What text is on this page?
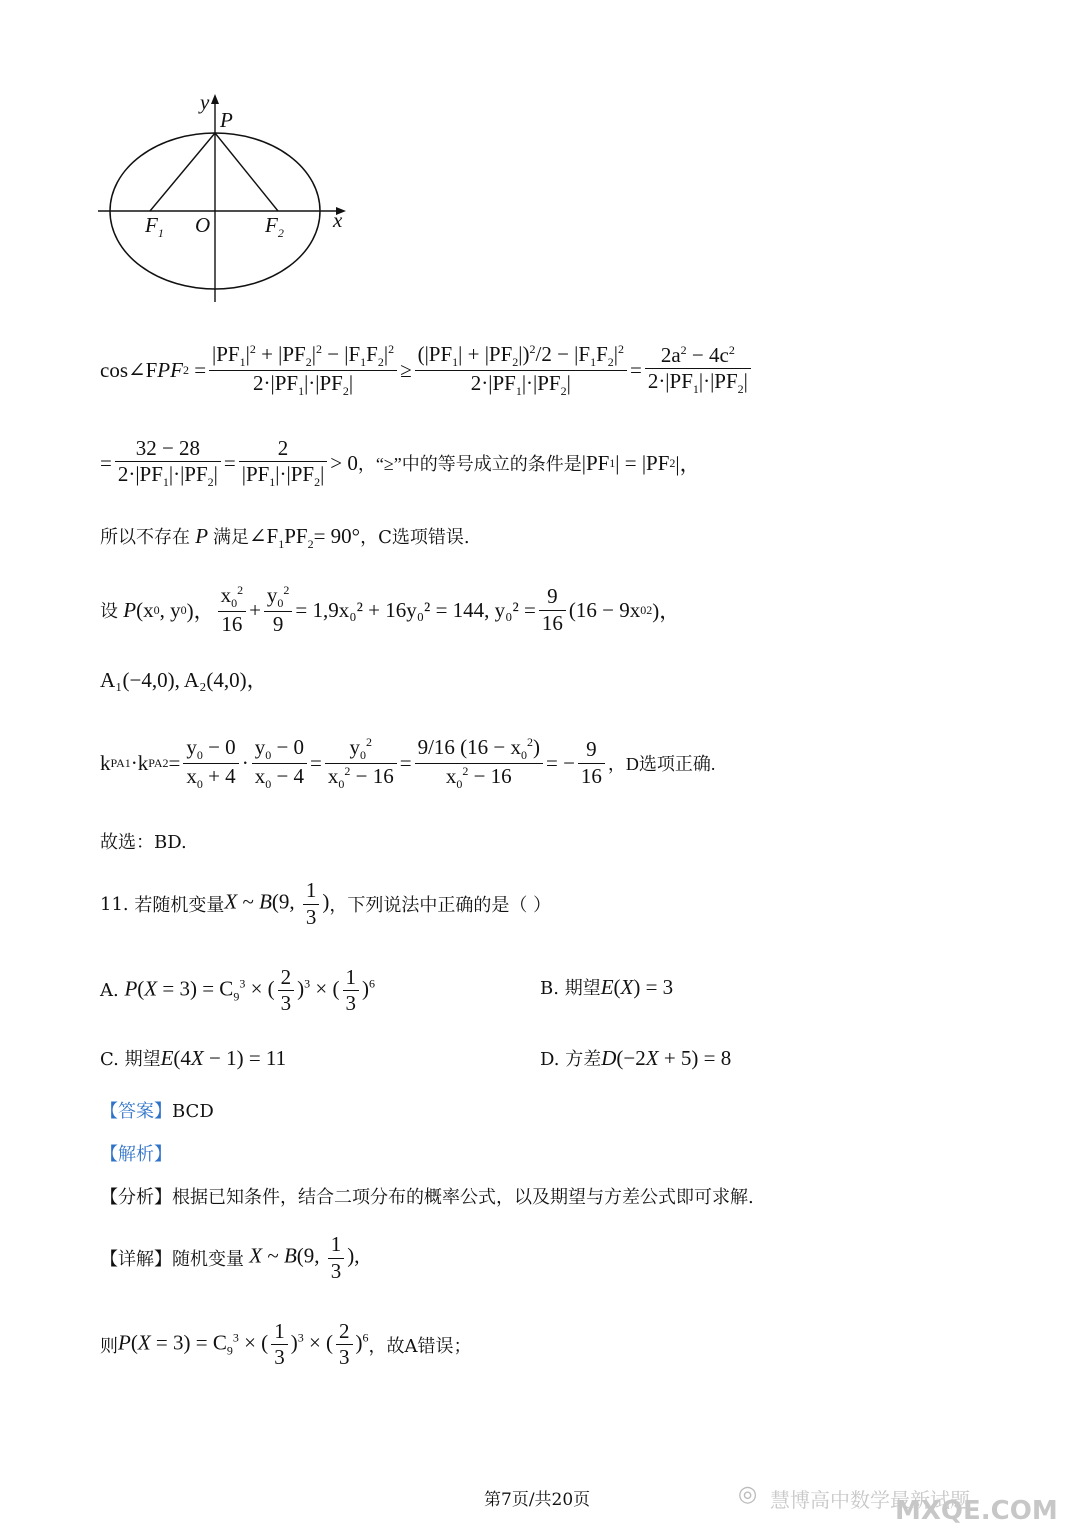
y
P
x
$F_1$ O	$F_2$
cos∠F PF $2 = \frac{|PF_1|^2 + |PF_2|^2 - |F_1F_2|^2}{2\cdot|PF_1|\cdot|PF_2|} \ge \frac{(|PF_1| + |PF_2|)^2/2 - |F_1F_2|^2}{2\cdot|PF_1|\cdot|PF_2|} = \frac{2a^2 - 4c^2}{2\cdot|PF_1|\cdot|PF_2|}$
= $\frac{32 - 28}{2\cdot|PF_1|\cdot|PF_2|} = \frac{2}{|PF_1|\cdot|PF_2|} > 0$ ，“≥”中的等号成立的条件是 |PF 1 | = |PF 2 |，
所以不存在 P 满足$\angle F_1PF_2= 90^\circ$，C选项错误.
设
P (x 0 , y 0 )， $\frac{x_0^2}{16} + \frac{y_0^2}{9} = 1,9x_0^2 + 16y_0^2 = 144$, $y_0^2 = \frac{9}{16} (16 - 9x$ 0 2 )，
A₁(−4,0), A₂(4,0)，
k PA1 ·k $PA2 = \frac{y_0 - 0}{x_0 + 4} \cdot \frac{y_0 - 0}{x_0 - 4} = \frac{y_0^2}{x_0^2 - 16} = \frac{9/16 (16 - x_0^2)}{x_0^2 - 16}$ = − $\frac{9}{16}$ ，D选项正确.
故选：BD.
11.
若随机变量 X ~ B(9, $\frac{1}{3}$ ) ，下列说法中正确的是（ ）
A.
$P(X = 3) = C_9^3$ × ( $\frac{2}{3} )^3$ × ( $\frac{1}{3} )^6$	B. 期望E(X) = 3
C. 期望E(4X − 1) = 11	D. 方差D(−2X + 5) = 8
【答案】BCD
【解析】
【分析】根据已知条件，结合二项分布的概率公式，以及期望与方差公式即可求解.
【详解】 随机变量 X ~ B(9, $\frac{1}{3}$ ),
则 $P(X = 3) = C_9^3$ × ( $\frac{1}{3} )^3$ × ( $\frac{2}{3} )^6$ ，故A错误；
第7页/共20页	◎ 慧博高中数学最新试题
MXQE.COM
